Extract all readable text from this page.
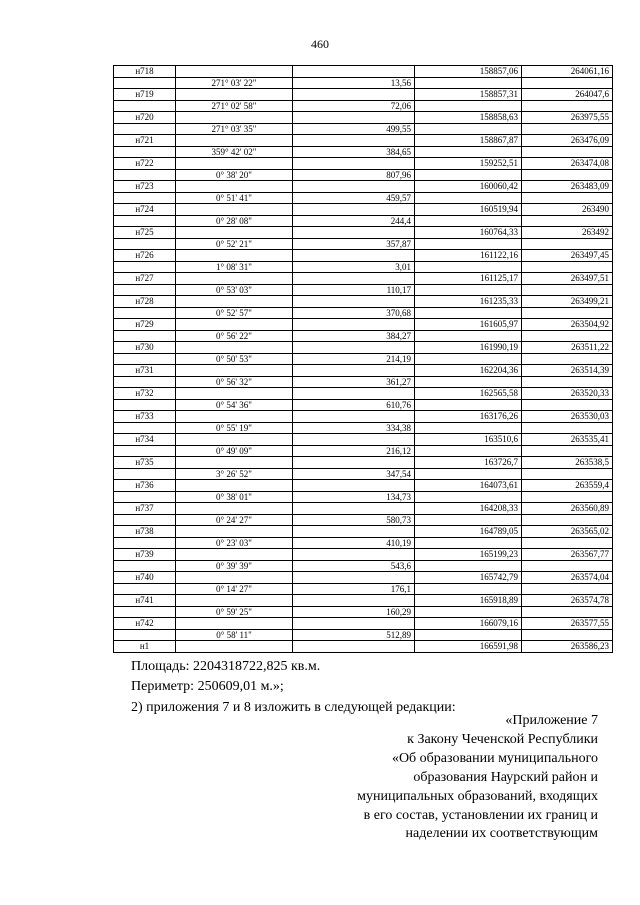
460
н718			158857,06	264061,16
	271° 03' 22"	13,56		
н719			158857,31	264047,6
	271° 02' 58"	72,06		
н720			158858,63	263975,55
	271° 03' 35"	499,55		
н721			158867,87	263476,09
	359° 42' 02"	384,65		
н722			159252,51	263474,08
	0° 38' 20"	807,96		
н723			160060,42	263483,09
	0° 51' 41"	459,57		
н724			160519,94	263490
	0° 28' 08"	244,4		
н725			160764,33	263492
	0° 52' 21"	357,87		
н726			161122,16	263497,45
	1° 08' 31"	3,01		
н727			161125,17	263497,51
	0° 53' 03"	110,17		
н728			161235,33	263499,21
	0° 52' 57"	370,68		
н729			161605,97	263504,92
	0° 56' 22"	384,27		
н730			161990,19	263511,22
	0° 50' 53"	214,19		
н731			162204,36	263514,39
	0° 56' 32"	361,27		
н732			162565,58	263520,33
	0° 54' 36"	610,76		
н733			163176,26	263530,03
	0° 55' 19"	334,38		
н734			163510,6	263535,41
	0° 49' 09"	216,12		
н735			163726,7	263538,5
	3° 26' 52"	347,54		
н736			164073,61	263559,4
	0° 38' 01"	134,73		
н737			164208,33	263560,89
	0° 24' 27"	580,73		
н738			164789,05	263565,02
	0° 23' 03"	410,19		
н739			165199,23	263567,77
	0° 39' 39"	543,6		
н740			165742,79	263574,04
	0° 14' 27"	176,1		
н741			165918,89	263574,78
	0° 59' 25"	160,29		
н742			166079,16	263577,55
	0° 58' 11"	512,89		
н1			166591,98	263586,23
Площадь: 2204318722,825 кв.м.
Периметр: 250609,01 м.»;
2) приложения 7 и 8 изложить в следующей редакции:
«Приложение 7
к Закону Чеченской Республики
«Об образовании муниципального
образования Наурский район и
муниципальных образований, входящих
в его состав, установлении их границ и
наделении их соответствующим
